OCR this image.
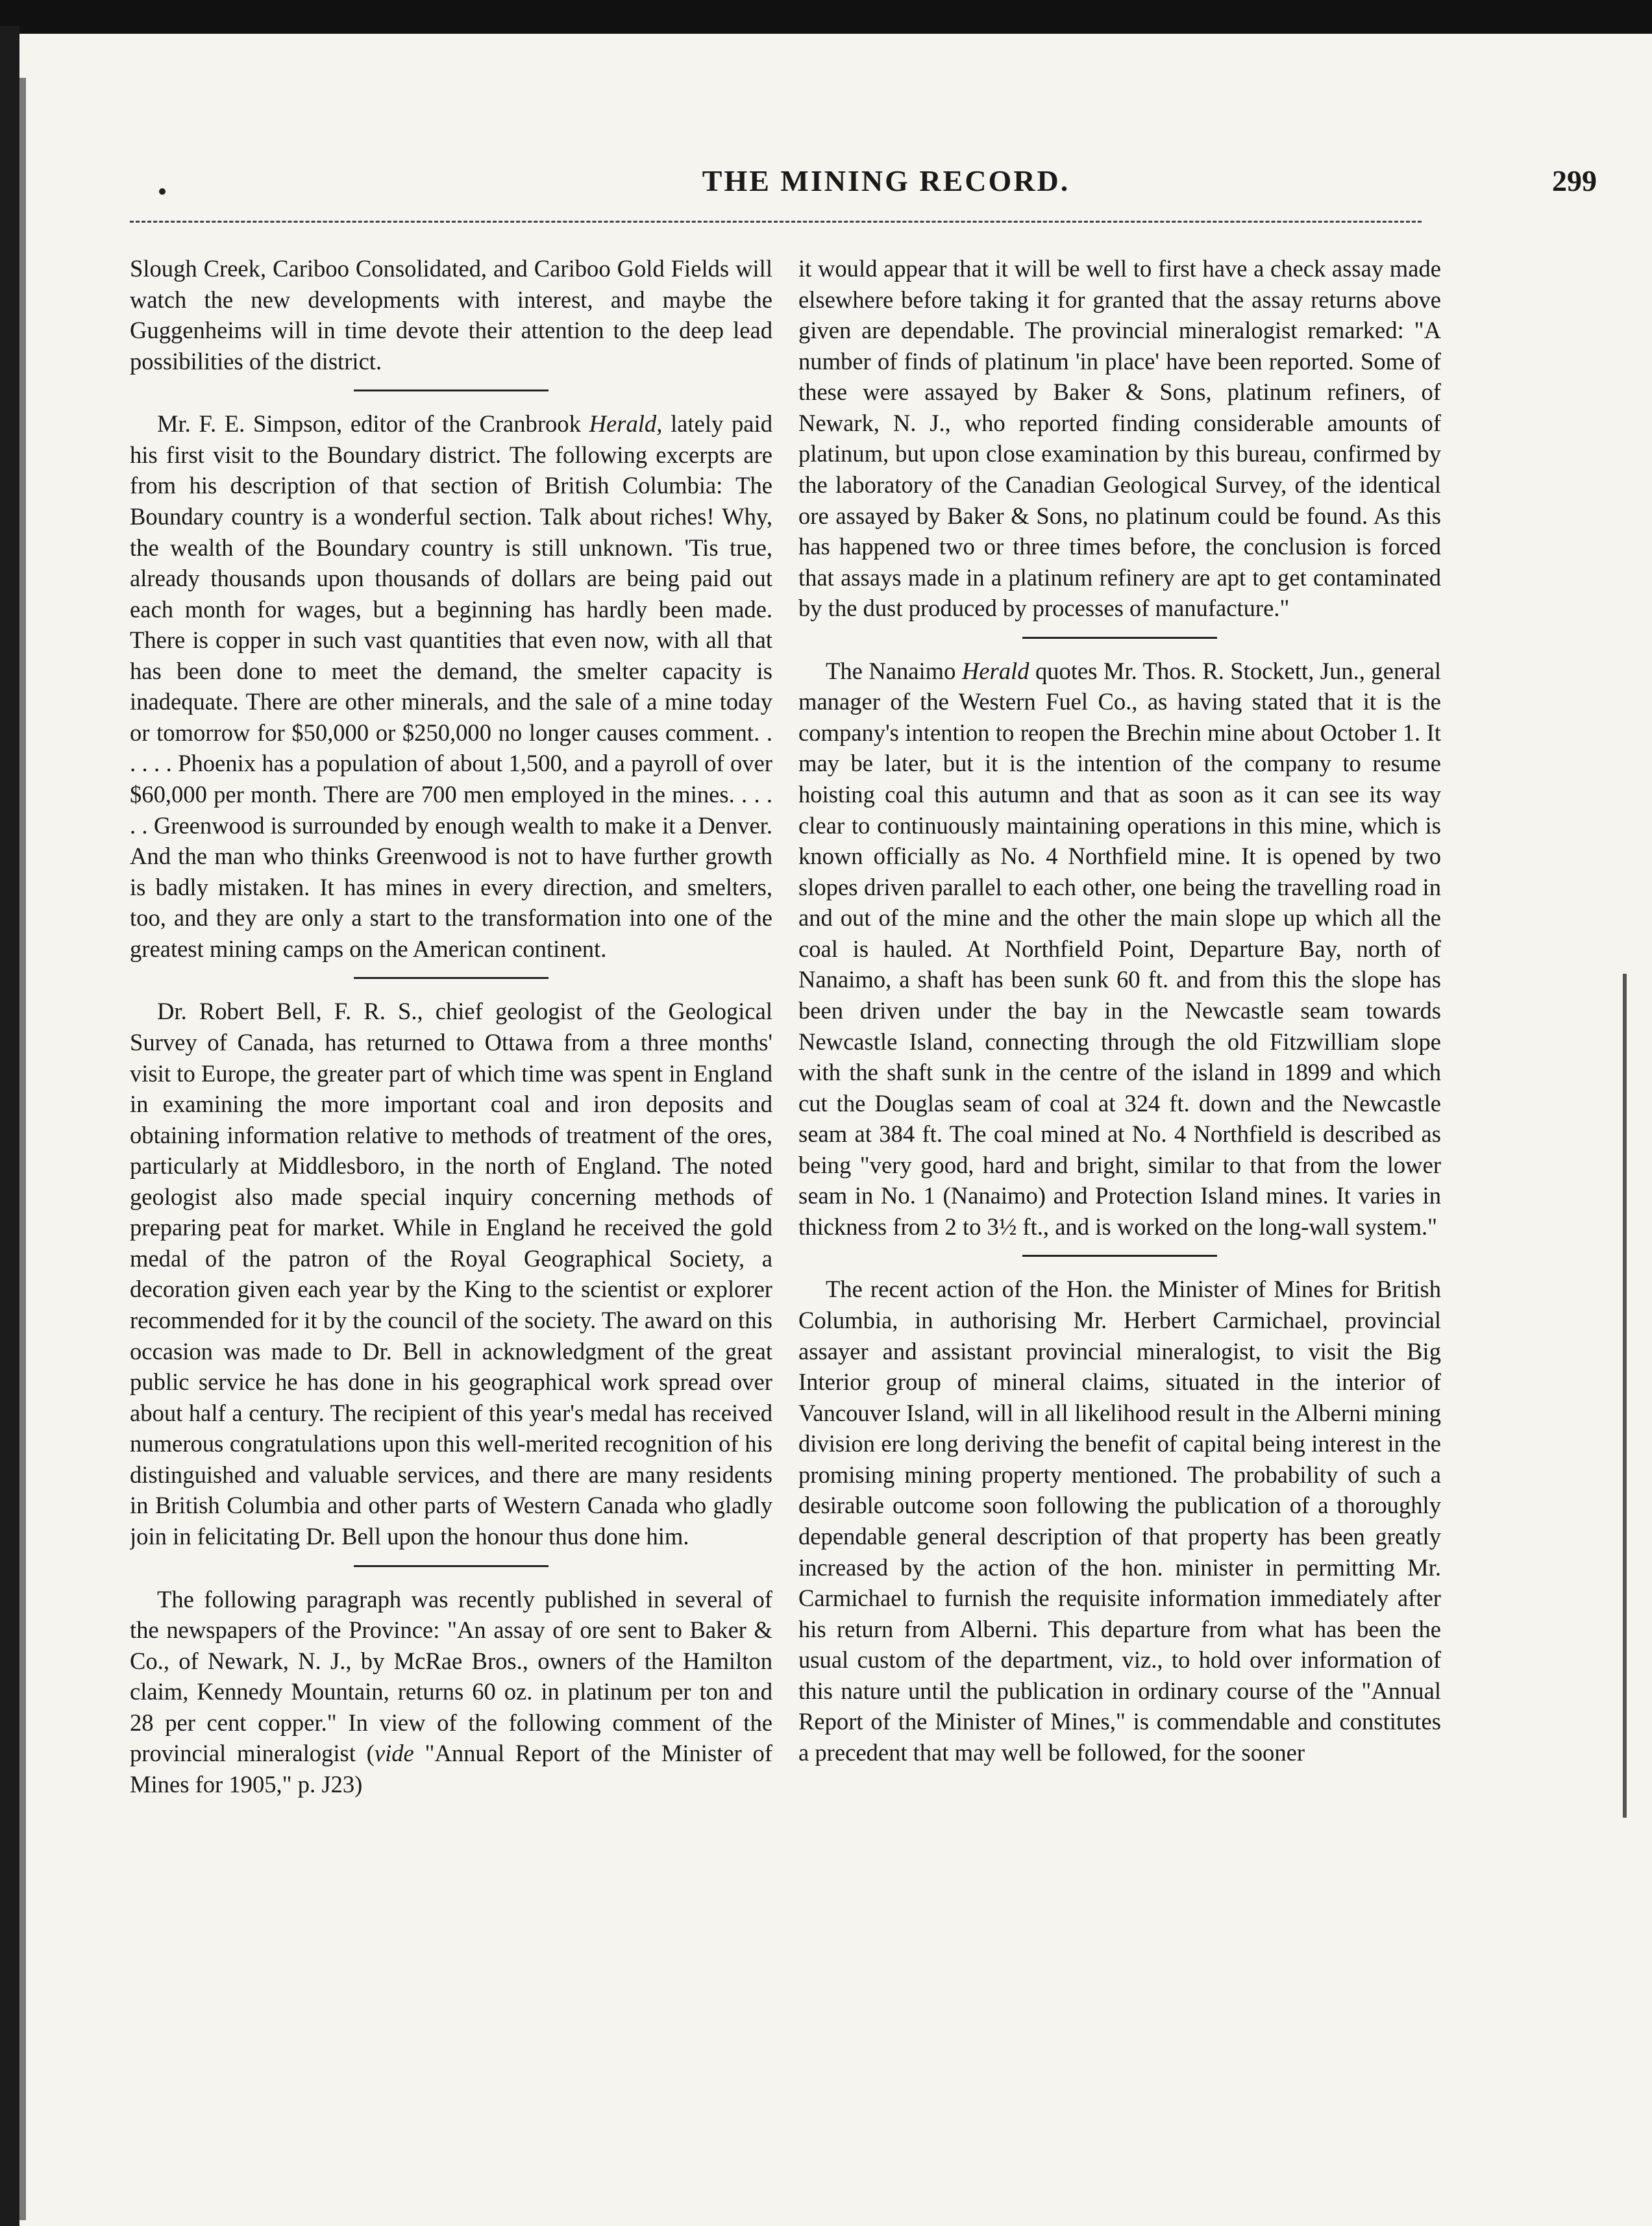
THE MINING RECORD.	299

Slough Creek, Cariboo Consolidated, and Cariboo Gold Fields will watch the new developments with interest, and maybe the Guggenheims will in time devote their attention to the deep lead possibilities of the district.

Mr. F. E. Simpson, editor of the Cranbrook Herald, lately paid his first visit to the Boundary district. The following excerpts are from his description of that section of British Columbia: The Boundary country is a wonderful section. Talk about riches! Why, the wealth of the Boundary country is still unknown. 'Tis true, already thousands upon thousands of dollars are being paid out each month for wages, but a beginning has hardly been made. There is copper in such vast quantities that even now, with all that has been done to meet the demand, the smelter capacity is inadequate. There are other minerals, and the sale of a mine today or tomorrow for $50,000 or $250,000 no longer causes comment. . . . . . Phoenix has a population of about 1,500, and a payroll of over $60,000 per month. There are 700 men employed in the mines. . . . . . Greenwood is surrounded by enough wealth to make it a Denver. And the man who thinks Greenwood is not to have further growth is badly mistaken. It has mines in every direction, and smelters, too, and they are only a start to the transformation into one of the greatest mining camps on the American continent.

Dr. Robert Bell, F. R. S., chief geologist of the Geological Survey of Canada, has returned to Ottawa from a three months' visit to Europe, the greater part of which time was spent in England in examining the more important coal and iron deposits and obtaining information relative to methods of treatment of the ores, particularly at Middlesboro, in the north of England. The noted geologist also made special inquiry concerning methods of preparing peat for market. While in England he received the gold medal of the patron of the Royal Geographical Society, a decoration given each year by the King to the scientist or explorer recommended for it by the council of the society. The award on this occasion was made to Dr. Bell in acknowledgment of the great public service he has done in his geographical work spread over about half a century. The recipient of this year's medal has received numerous congratulations upon this well-merited recognition of his distinguished and valuable services, and there are many residents in British Columbia and other parts of Western Canada who gladly join in felicitating Dr. Bell upon the honour thus done him.

The following paragraph was recently published in several of the newspapers of the Province: "An assay of ore sent to Baker & Co., of Newark, N. J., by McRae Bros., owners of the Hamilton claim, Kennedy Mountain, returns 60 oz. in platinum per ton and 28 per cent copper." In view of the following comment of the provincial mineralogist (vide "Annual Report of the Minister of Mines for 1905," p. J23)

it would appear that it will be well to first have a check assay made elsewhere before taking it for granted that the assay returns above given are dependable. The provincial mineralogist remarked: "A number of finds of platinum 'in place' have been reported. Some of these were assayed by Baker & Sons, platinum refiners, of Newark, N. J., who reported finding considerable amounts of platinum, but upon close examination by this bureau, confirmed by the laboratory of the Canadian Geological Survey, of the identical ore assayed by Baker & Sons, no platinum could be found. As this has happened two or three times before, the conclusion is forced that assays made in a platinum refinery are apt to get contaminated by the dust produced by processes of manufacture."

The Nanaimo Herald quotes Mr. Thos. R. Stockett, Jun., general manager of the Western Fuel Co., as having stated that it is the company's intention to reopen the Brechin mine about October 1. It may be later, but it is the intention of the company to resume hoisting coal this autumn and that as soon as it can see its way clear to continuously maintaining operations in this mine, which is known officially as No. 4 Northfield mine. It is opened by two slopes driven parallel to each other, one being the travelling road in and out of the mine and the other the main slope up which all the coal is hauled. At Northfield Point, Departure Bay, north of Nanaimo, a shaft has been sunk 60 ft. and from this the slope has been driven under the bay in the Newcastle seam towards Newcastle Island, connecting through the old Fitzwilliam slope with the shaft sunk in the centre of the island in 1899 and which cut the Douglas seam of coal at 324 ft. down and the Newcastle seam at 384 ft. The coal mined at No. 4 Northfield is described as being "very good, hard and bright, similar to that from the lower seam in No. 1 (Nanaimo) and Protection Island mines. It varies in thickness from 2 to 3½ ft., and is worked on the long-wall system."

The recent action of the Hon. the Minister of Mines for British Columbia, in authorising Mr. Herbert Carmichael, provincial assayer and assistant provincial mineralogist, to visit the Big Interior group of mineral claims, situated in the interior of Vancouver Island, will in all likelihood result in the Alberni mining division ere long deriving the benefit of capital being interest in the promising mining property mentioned. The probability of such a desirable outcome soon following the publication of a thoroughly dependable general description of that property has been greatly increased by the action of the hon. minister in permitting Mr. Carmichael to furnish the requisite information immediately after his return from Alberni. This departure from what has been the usual custom of the department, viz., to hold over information of this nature until the publication in ordinary course of the "Annual Report of the Minister of Mines," is commendable and constitutes a precedent that may well be followed, for the sooner
